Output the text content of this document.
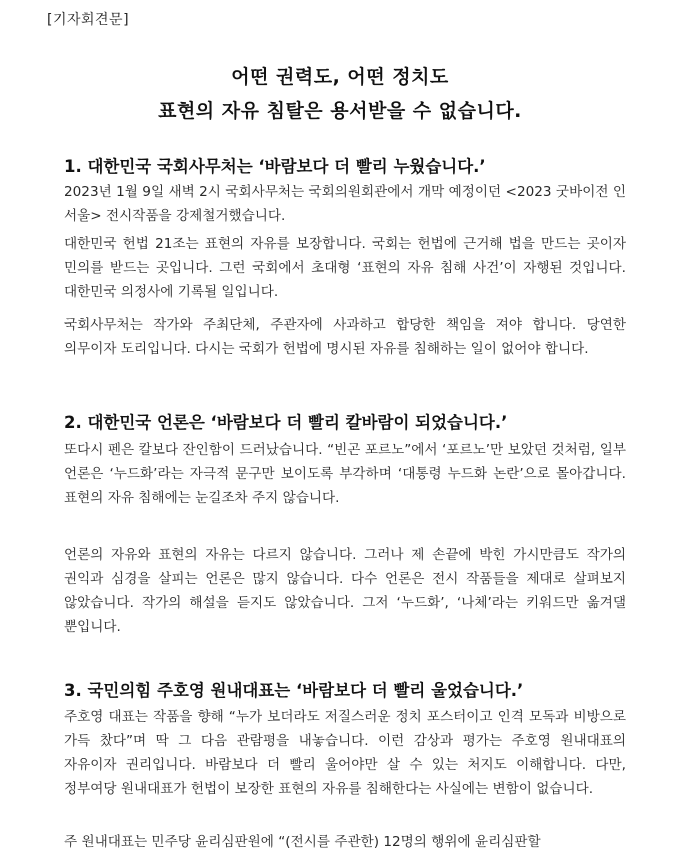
[기자회견문]
어떤 권력도, 어떤 정치도
표현의 자유 침탈은 용서받을 수 없습니다.
1. 대한민국 국회사무처는 ‘바람보다 더 빨리 누웠습니다.’
2023년 1월 9일 새벽 2시 국회사무처는 국회의원회관에서 개막 예정이던 <2023 굿바이전 인 서울> 전시작품을 강제철거했습니다.
대한민국 헌법 21조는 표현의 자유를 보장합니다. 국회는 헌법에 근거해 법을 만드는 곳이자 민의를 받드는 곳입니다. 그런 국회에서 초대형 ‘표현의 자유 침해 사건’이 자행된 것입니다. 대한민국 의정사에 기록될 일입니다.
국회사무처는 작가와 주최단체, 주관자에 사과하고 합당한 책임을 져야 합니다. 당연한 의무이자 도리입니다. 다시는 국회가 헌법에 명시된 자유를 침해하는 일이 없어야 합니다.
2. 대한민국 언론은 ‘바람보다 더 빨리 칼바람이 되었습니다.’
또다시 펜은 칼보다 잔인함이 드러났습니다. “빈곤 포르노”에서 ‘포르노’만 보았던 것처럼, 일부 언론은 ‘누드화’라는 자극적 문구만 보이도록 부각하며 ‘대통령 누드화 논란’으로 몰아갑니다. 표현의 자유 침해에는 눈길조차 주지 않습니다.
언론의 자유와 표현의 자유는 다르지 않습니다. 그러나 제 손끝에 박힌 가시만큼도 작가의 권익과 심경을 살피는 언론은 많지 않습니다. 다수 언론은 전시 작품들을 제대로 살펴보지 않았습니다. 작가의 해설을 듣지도 않았습니다. 그저 ‘누드화’, ‘나체’라는 키워드만 옮겨댈 뿐입니다.
3. 국민의힘 주호영 원내대표는 ‘바람보다 더 빨리 울었습니다.’
주호영 대표는 작품을 향해 “누가 보더라도 저질스러운 정치 포스터이고 인격 모독과 비방으로 가득 찼다”며 딱 그 다음 관람평을 내놓습니다. 이런 감상과 평가는 주호영 원내대표의 자유이자 권리입니다. 바람보다 더 빨리 울어야만 살 수 있는 처지도 이해합니다. 다만, 정부여당 원내대표가 헌법이 보장한 표현의 자유를 침해한다는 사실에는 변함이 없습니다.
주 원내대표는 민주당 윤리심판원에 “(전시를 주관한) 12명의 행위에 윤리심판할
